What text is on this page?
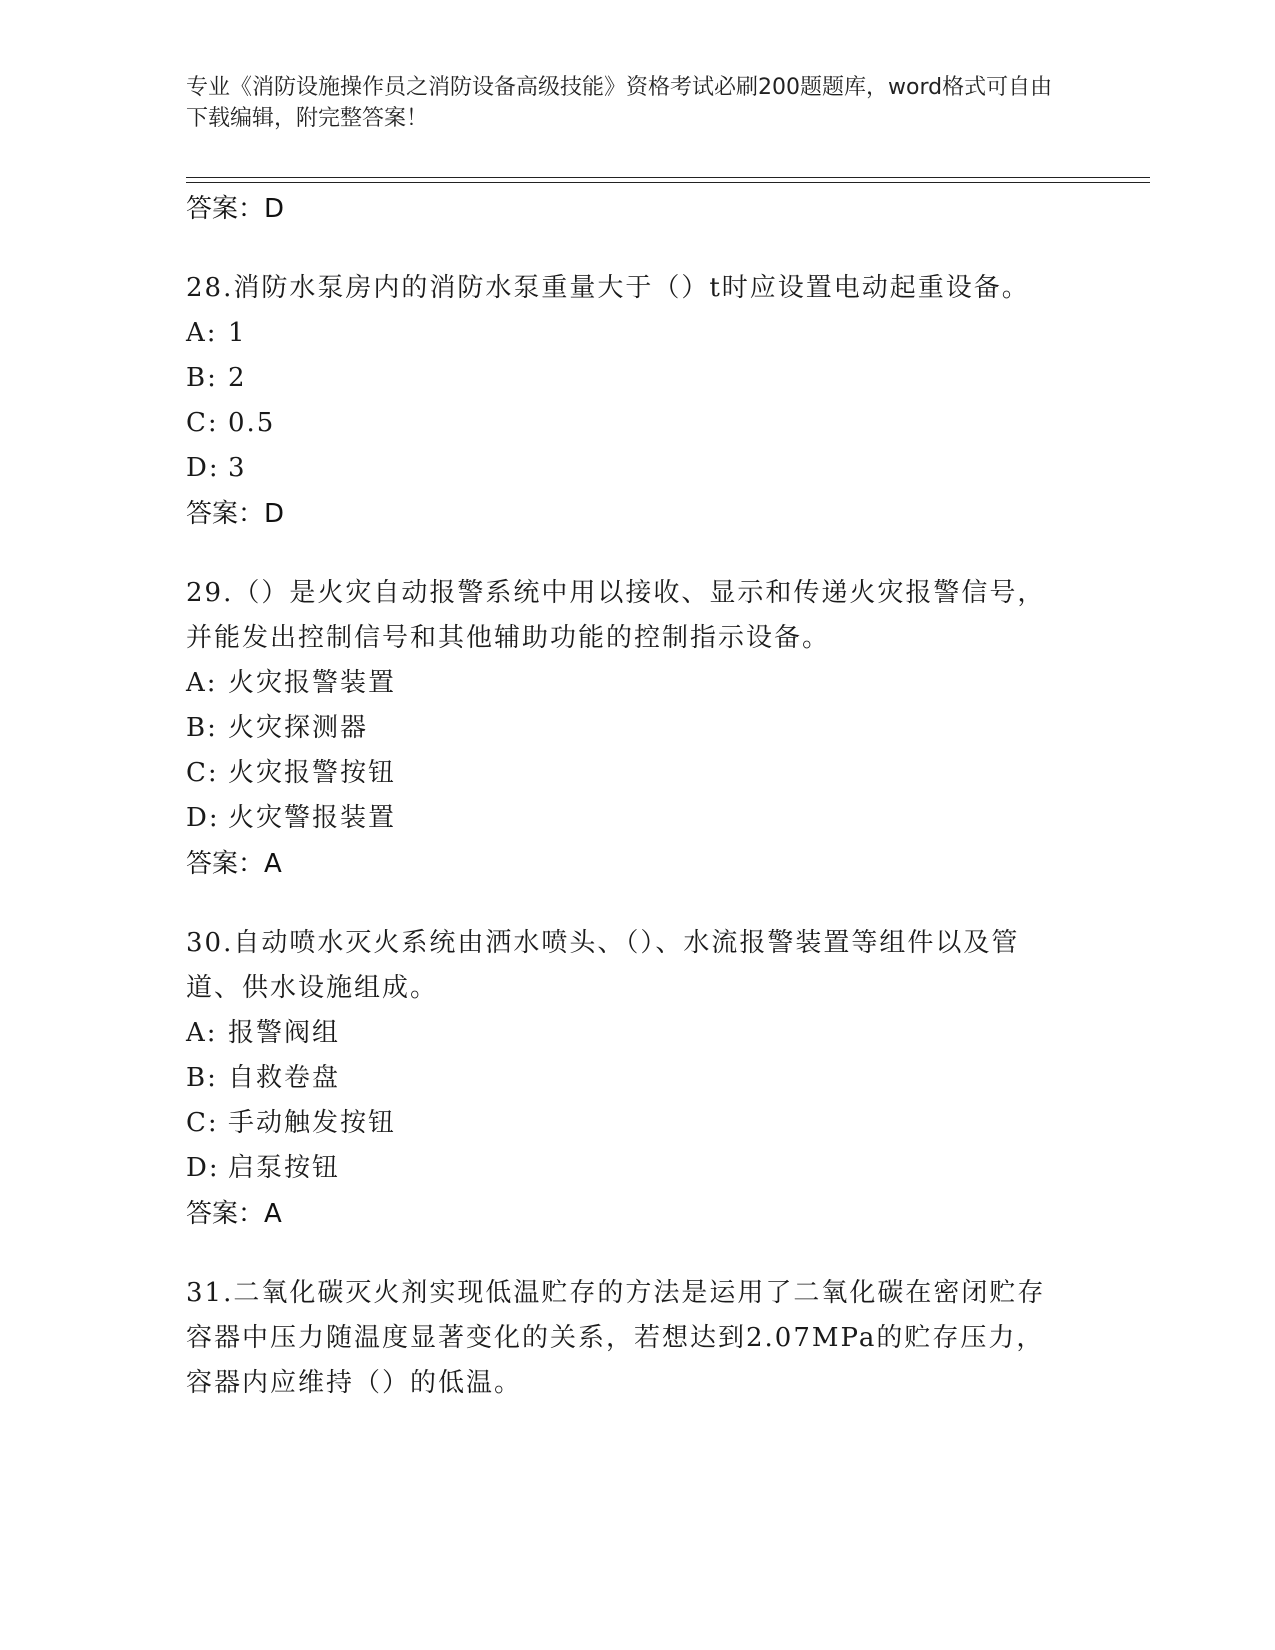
专业《消防设施操作员之消防设备高级技能》资格考试必刷200题题库，word格式可自由下载编辑，附完整答案！
答案：D
28.消防水泵房内的消防水泵重量大于（）t时应设置电动起重设备。
A: 1
B: 2
C: 0.5
D: 3
答案：D
29.（）是火灾自动报警系统中用以接收、显示和传递火灾报警信号，并能发出控制信号和其他辅助功能的控制指示设备。
A: 火灾报警装置
B: 火灾探测器
C: 火灾报警按钮
D: 火灾警报装置
答案：A
30.自动喷水灭火系统由洒水喷头、（）、水流报警装置等组件以及管道、供水设施组成。
A: 报警阀组
B: 自救卷盘
C: 手动触发按钮
D: 启泵按钮
答案：A
31.二氧化碳灭火剂实现低温贮存的方法是运用了二氧化碳在密闭贮存容器中压力随温度显著变化的关系，若想达到2.07MPa的贮存压力，容器内应维持（）的低温。
